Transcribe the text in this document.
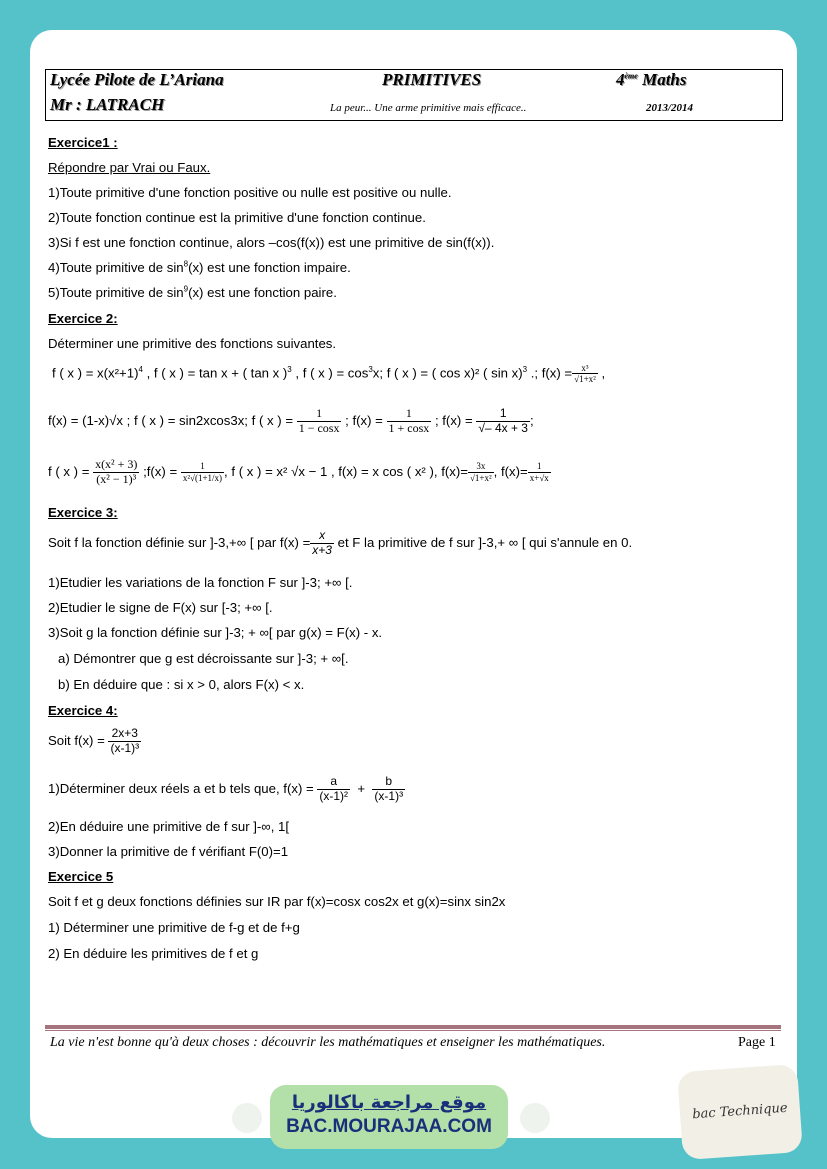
Lycée Pilote de L’Ariana	PRIMITIVES	4ème Maths
Mr : LATRACH	La peur... Une arme primitive mais efficace..	2013/2014
Exercice1 :
Répondre par Vrai ou Faux.
1)Toute primitive d'une fonction positive ou nulle est positive ou nulle.
2)Toute fonction continue est la primitive d'une fonction continue.
3)Si f est une fonction continue, alors –cos(f(x)) est une primitive de sin(f(x)).
4)Toute primitive de $\sin^8(x)$ est une fonction impaire.
5)Toute primitive de $\sin^9(x)$ est une fonction paire.
Exercice 2:
Déterminer une primitive des fonctions suivantes.
f ( x ) = $x(x^2+1)^4$ , f ( x ) = tan x + ( tan x )$^3$ , f ( x ) = $\cos^3x$; f ( x ) = ( cos x)² ( sin x)$^3$ .; $f(x) = \frac{\text{x³}}{\text{√1+x²}}$ ,
f(x) = (1-x)√x ; f ( x ) = sin2xcos3x; f ( x ) = $\frac{1}{1 - \cos x}$ ; $f(x) = \frac{1}{1 + \cos x}$ ; $f(x) = \frac{1}{√- 4x + 3}$ ;
f ( x ) = $\frac{\text{x(x² + 3)}}{\text{(x² − 1)³}}$ ;f(x) = $\frac{1}{\text{x²√(1+1/x)}}$ , f ( x ) = x² √x − 1 , f(x) = x cos ( x² ), $f(x)= \frac{3x}{\text{√1+x²}}$ , $f(x)= \frac{1}{x+√x}$
Exercice 3:
Soit f la fonction définie sur ]-3,+∞ [ par $f(x) = \frac{x}{x+3}$ et F la primitive de f sur ]-3,+ ∞ [ qui s'annule en 0.
1)Etudier les variations de la fonction F sur ]-3; +∞ [.
2)Etudier le signe de F(x) sur [-3; +∞ [.
3)Soit g la fonction définie sur ]-3; + ∞[ par g(x) = F(x) - x.
a) Démontrer que g est décroissante sur ]-3; + ∞[.
b) En déduire que : si x > 0, alors F(x) < x.
Exercice 4:
Soit $f(x) = \frac{2x+3}{\text{(x-1)³}}$
1)Déterminer deux réels a et b tels que, $f(x) = \frac{a}{\text{(x-1)²}} + \frac{b}{\text{(x-1)³}}$
2)En déduire une primitive de f sur ]-∞, 1[
3)Donner la primitive de f vérifiant F(0)=1
Exercice 5
Soit f et g deux fonctions définies sur IR par f(x)=cosx cos2x et g(x)=sinx sin2x
1) Déterminer une primitive de f-g et de f+g
2) En déduire les primitives de f et g
La vie n'est bonne qu'à deux choses : découvrir les mathématiques et enseigner les mathématiques.	Page 1
موقع مراجعة باكالوريا
BAC.MOURAJAA.COM
bac Technique
